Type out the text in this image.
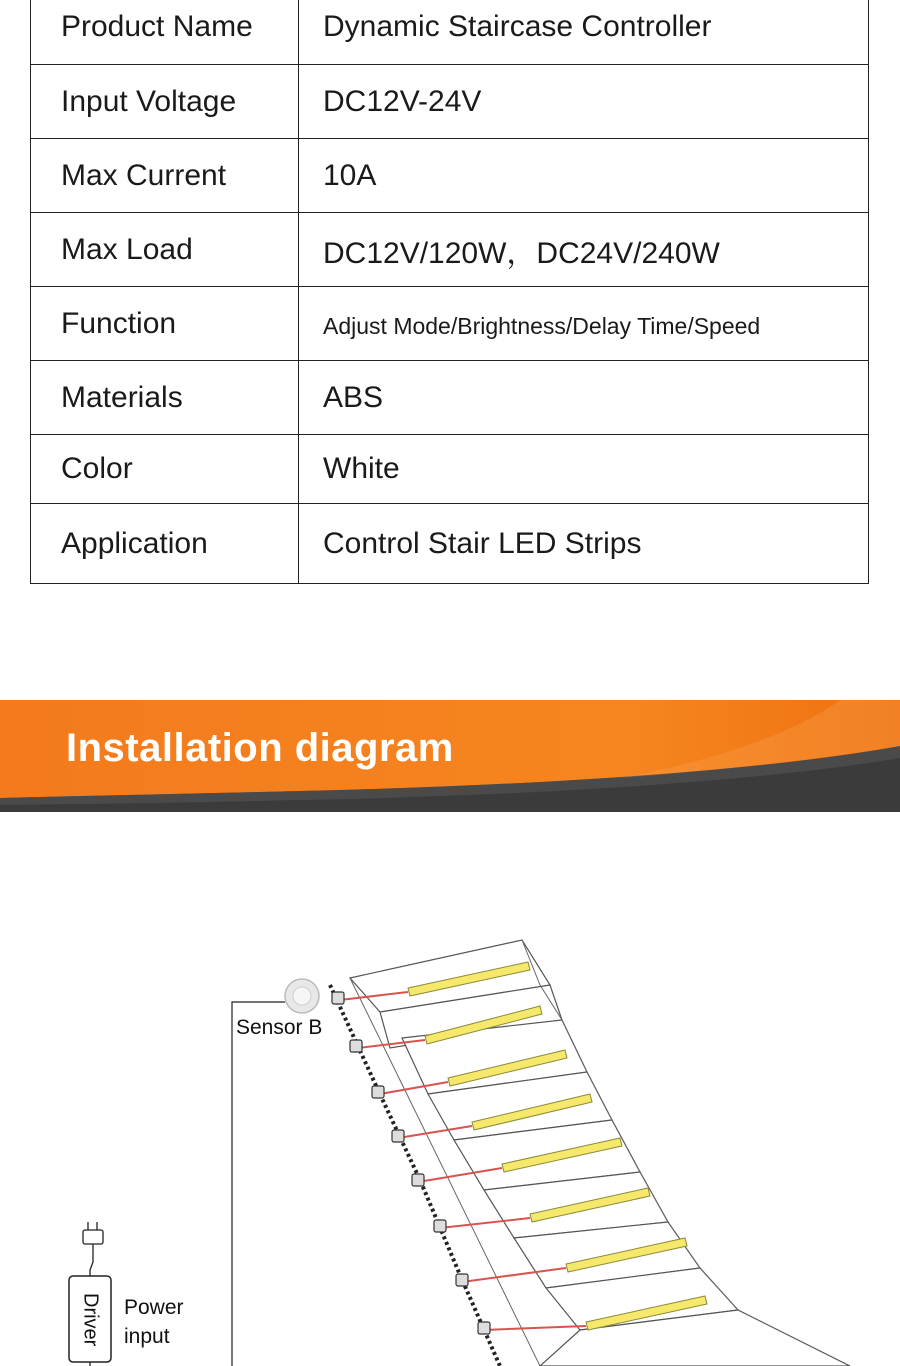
Product Name	Dynamic Staircase Controller
Input Voltage	DC12V-24V
Max Current	10A
Max Load	DC12V/120W，DC24V/240W
Function	Adjust Mode/Brightness/Delay Time/Speed
Materials	ABS
Color	White
Application	Control Stair LED Strips
Installation diagram
Sensor B
Power
input
Driver
